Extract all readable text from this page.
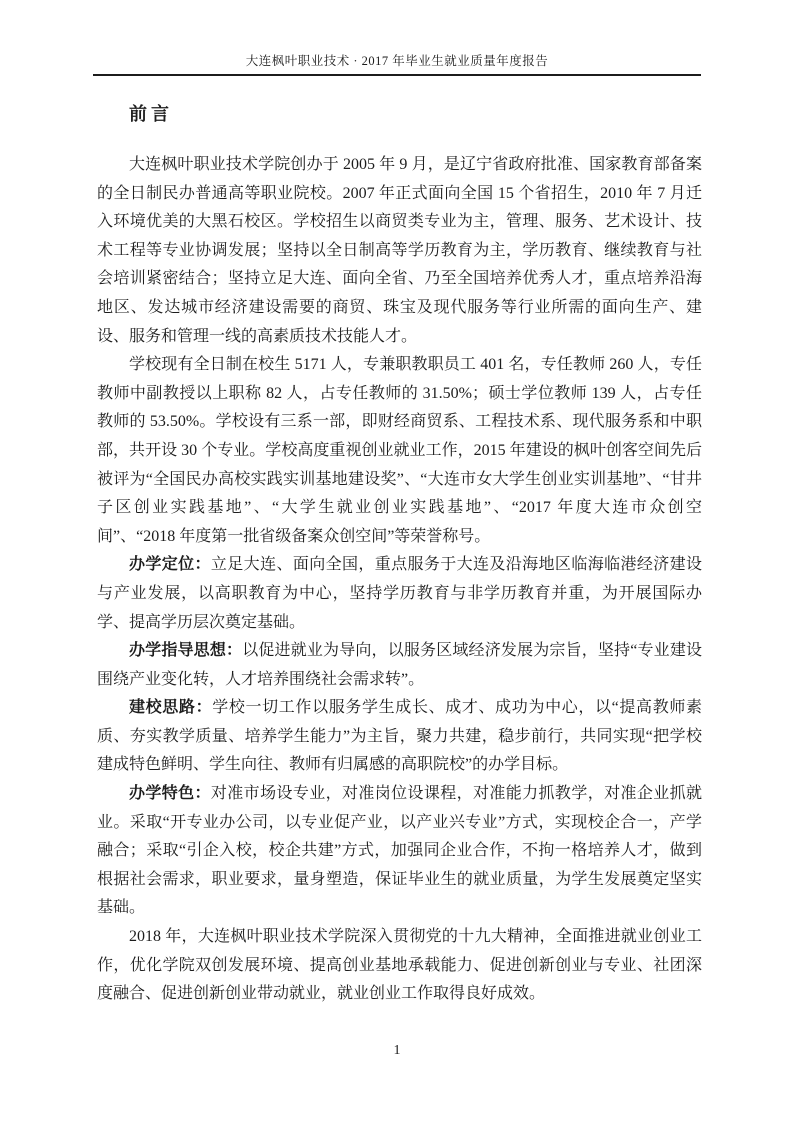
大连枫叶职业技术 · 2017 年毕业生就业质量年度报告
前言

大连枫叶职业技术学院创办于 2005 年 9 月，是辽宁省政府批准、国家教育部备案的全日制民办普通高等职业院校。2007 年正式面向全国 15 个省招生，2010 年 7 月迁入环境优美的大黑石校区。学校招生以商贸类专业为主，管理、服务、艺术设计、技术工程等专业协调发展；坚持以全日制高等学历教育为主，学历教育、继续教育与社会培训紧密结合；坚持立足大连、面向全省、乃至全国培养优秀人才，重点培养沿海地区、发达城市经济建设需要的商贸、珠宝及现代服务等行业所需的面向生产、建设、服务和管理一线的高素质技术技能人才。

学校现有全日制在校生 5171 人，专兼职教职员工 401 名，专任教师 260 人，专任教师中副教授以上职称 82 人，占专任教师的 31.50%；硕士学位教师 139 人，占专任教师的 53.50%。学校设有三系一部，即财经商贸系、工程技术系、现代服务系和中职部，共开设 30 个专业。学校高度重视创业就业工作，2015 年建设的枫叶创客空间先后被评为“全国民办高校实践实训基地建设奖”、“大连市女大学生创业实训基地”、“甘井子区创业实践基地”、“大学生就业创业实践基地”、“2017 年度大连市众创空间”、“2018 年度第一批省级备案众创空间”等荣誉称号。

办学定位：立足大连、面向全国，重点服务于大连及沿海地区临海临港经济建设与产业发展，以高职教育为中心，坚持学历教育与非学历教育并重，为开展国际办学、提高学历层次奠定基础。

办学指导思想：以促进就业为导向，以服务区域经济发展为宗旨，坚持“专业建设围绕产业变化转，人才培养围绕社会需求转”。

建校思路：学校一切工作以服务学生成长、成才、成功为中心，以“提高教师素质、夯实教学质量、培养学生能力”为主旨，聚力共建，稳步前行，共同实现“把学校建成特色鲜明、学生向往、教师有归属感的高职院校”的办学目标。

办学特色：对准市场设专业，对准岗位设课程，对准能力抓教学，对准企业抓就业。采取“开专业办公司，以专业促产业，以产业兴专业”方式，实现校企合一，产学融合；采取“引企入校，校企共建”方式，加强同企业合作，不拘一格培养人才，做到根据社会需求，职业要求，量身塑造，保证毕业生的就业质量，为学生发展奠定坚实基础。

2018 年，大连枫叶职业技术学院深入贯彻党的十九大精神，全面推进就业创业工作，优化学院双创发展环境、提高创业基地承载能力、促进创新创业与专业、社团深度融合、促进创新创业带动就业，就业创业工作取得良好成效。

1
